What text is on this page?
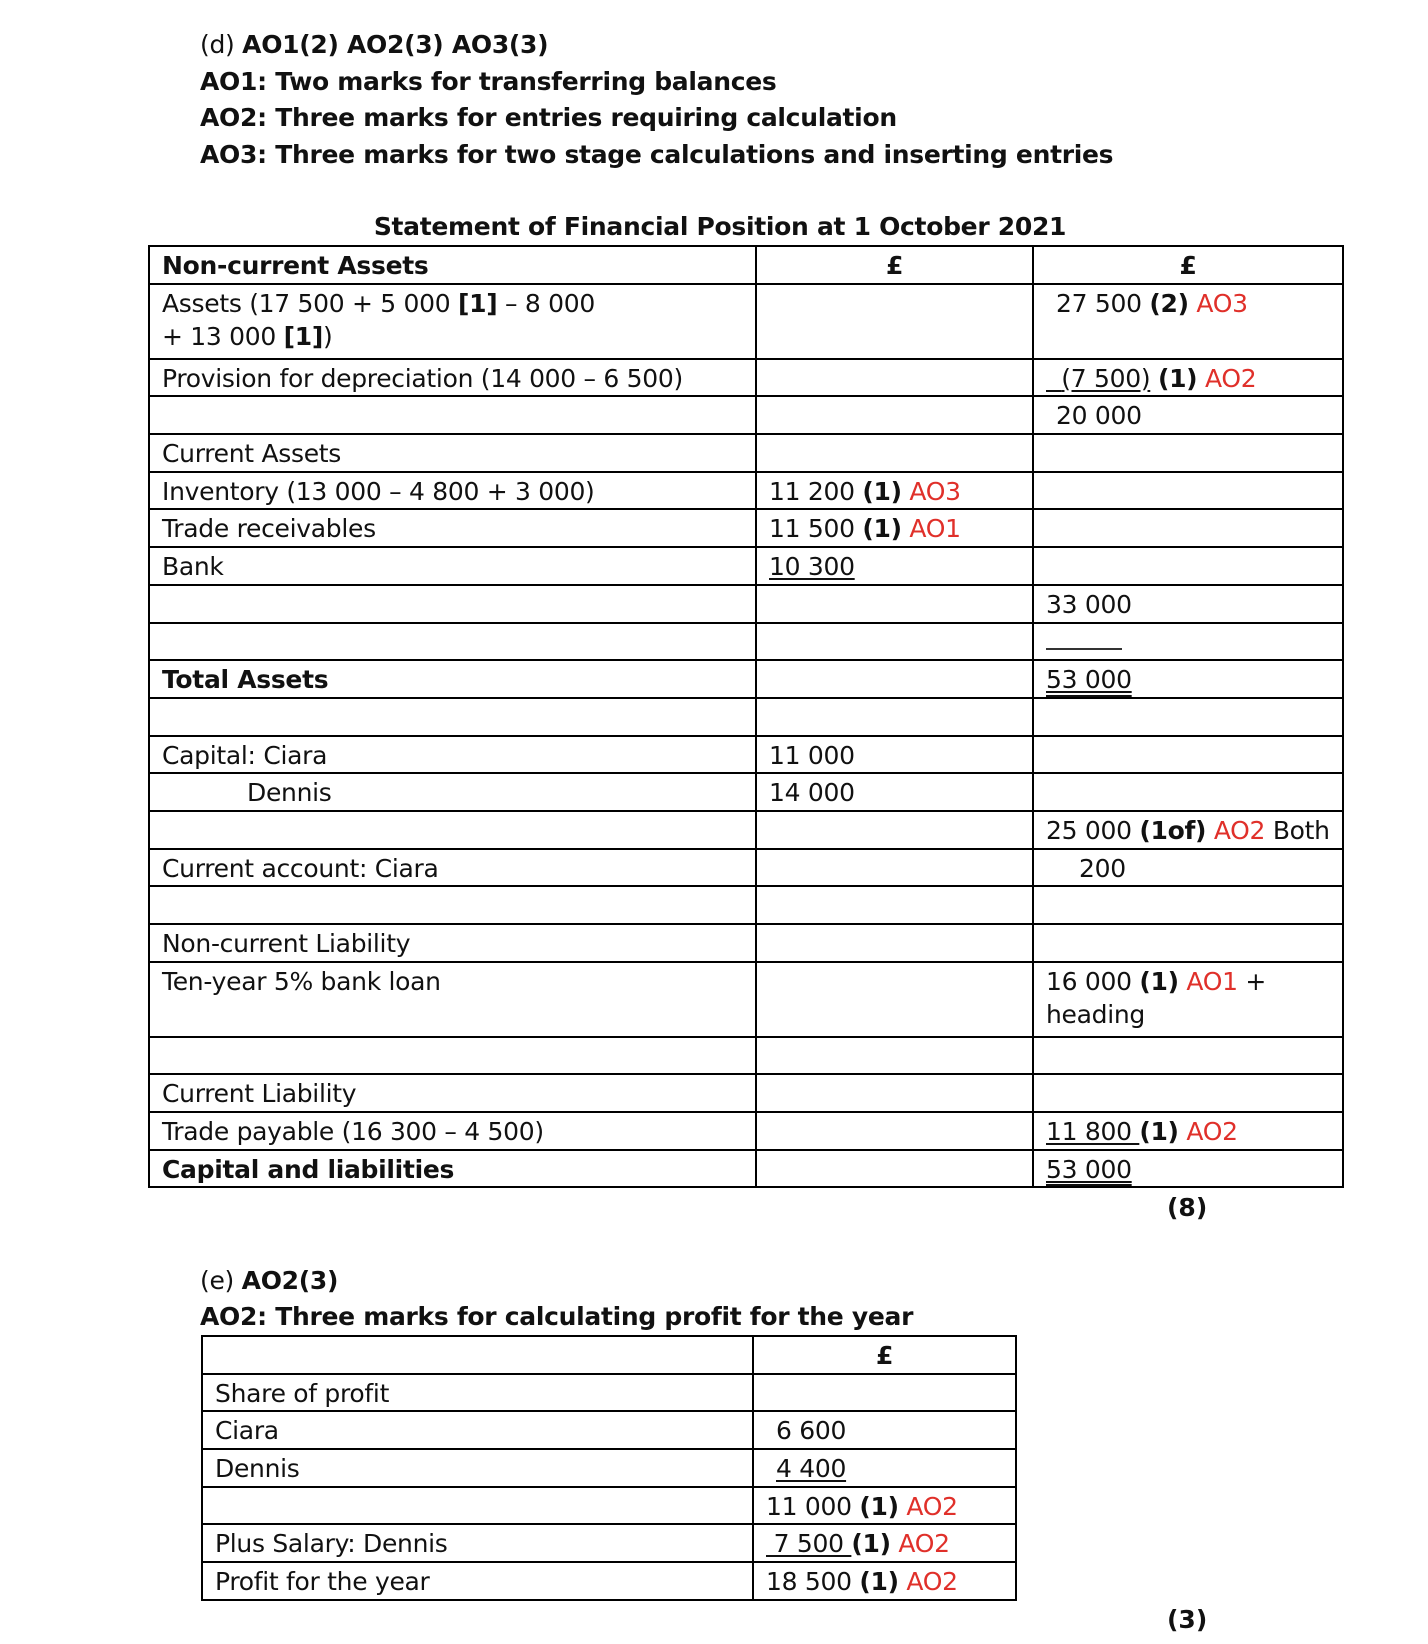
(d) AO1(2) AO2(3) AO3(3)
AO1: Two marks for transferring balances
AO2: Three marks for entries requiring calculation
AO3: Three marks for two stage calculations and inserting entries
Statement of Financial Position at 1 October 2021
Non-current Assets	£	£
Assets (17 500 + 5 000 [1] – 8 000
+ 13 000 [1])		27 500 (2) AO3
Provision for depreciation (14 000 – 6 500)		(7 500) (1) AO2
		20 000
Current Assets		
Inventory (13 000 – 4 800 + 3 000)	11 200 (1) AO3	
Trade receivables	11 500 (1) AO1	
Bank	10 300	
		33 000

Total Assets		53 000

Capital: Ciara	11 000	
Dennis	14 000	
		25 000 (1of) AO2 Both
Current account: Ciara		200

Non-current Liability		
Ten-year 5% bank loan		16 000 (1) AO1 +
heading

Current Liability		
Trade payable (16 300 – 4 500)		11 800 (1) AO2
Capital and liabilities		53 000
(8)
(e) AO2(3)
AO2: Three marks for calculating profit for the year
	£
Share of profit	
Ciara	6 600
Dennis	4 400
	11 000 (1) AO2
Plus Salary: Dennis	7 500 (1) AO2
Profit for the year	18 500 (1) AO2
(3)
